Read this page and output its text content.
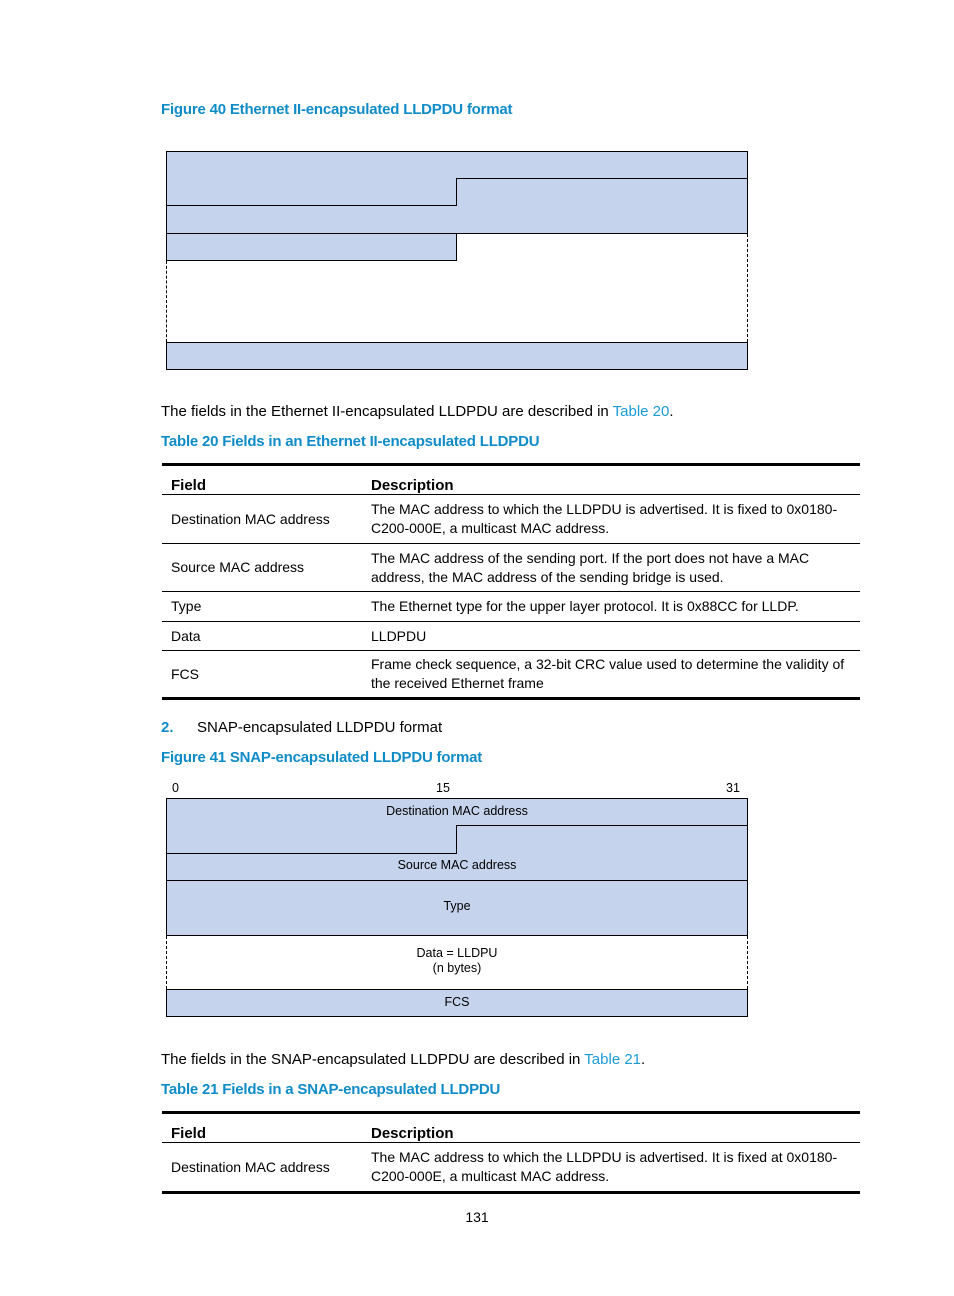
Figure 40 Ethernet II-encapsulated LLDPDU format
The fields in the Ethernet II-encapsulated LLDPDU are described in Table 20.
Table 20 Fields in an Ethernet II-encapsulated LLDPDU
Field	Description
Destination MAC address	The MAC address to which the LLDPDU is advertised. It is fixed to 0x0180-C200-000E, a multicast MAC address.
Source MAC address	The MAC address of the sending port. If the port does not have a MAC address, the MAC address of the sending bridge is used.
Type	The Ethernet type for the upper layer protocol. It is 0x88CC for LLDP.
Data	LLDPDU
FCS	Frame check sequence, a 32-bit CRC value used to determine the validity of the received Ethernet frame
2. SNAP-encapsulated LLDPDU format
Figure 41 SNAP-encapsulated LLDPDU format
0	15	31
Destination MAC address
Source MAC address
Type
Data = LLDPU
(n bytes)
FCS
The fields in the SNAP-encapsulated LLDPDU are described in Table 21.
Table 21 Fields in a SNAP-encapsulated LLDPDU
Field	Description
Destination MAC address	The MAC address to which the LLDPDU is advertised. It is fixed at 0x0180-C200-000E, a multicast MAC address.
131
